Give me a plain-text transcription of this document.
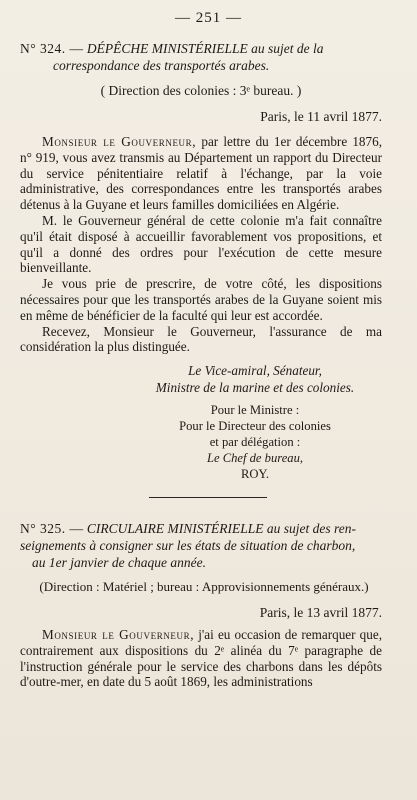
— 251 —
N° 324. — DÉPÊCHE MINISTÉRIELLE au sujet de la
correspondance des transportés arabes.
( Direction des colonies : 3ᵉ bureau. )
Paris, le 11 avril 1877.

Monsieur le Gouverneur, par lettre du 1er décembre 1876, n° 919, vous avez transmis au Département un rapport du Directeur du service pénitentiaire relatif à l'échange, par la voie administrative, des correspondances entre les transportés arabes détenus à la Guyane et leurs familles domiciliées en Algérie.

M. le Gouverneur général de cette colonie m'a fait connaître qu'il était disposé à accueillir favorablement vos propositions, et qu'il a donné des ordres pour l'exécution de cette mesure bienveillante.

Je vous prie de prescrire, de votre côté, les dispositions nécessaires pour que les transportés arabes de la Guyane soient mis en même de bénéficier de la faculté qui leur est accordée.

Recevez, Monsieur le Gouverneur, l'assurance de ma considération la plus distinguée.

Le Vice-amiral, Sénateur,
Ministre de la marine et des colonies.
Pour le Ministre :
Pour le Directeur des colonies
et par délégation :
Le Chef de bureau,
ROY.
N° 325. — CIRCULAIRE MINISTÉRIELLE au sujet des ren-
seignements à consigner sur les états de situation de charbon,
au 1er janvier de chaque année.
(Direction : Matériel ; bureau : Approvisionnements généraux.)
Paris, le 13 avril 1877.

Monsieur le Gouverneur, j'ai eu occasion de remarquer que, contrairement aux dispositions du 2ᵉ alinéa du 7ᵉ paragraphe de l'instruction générale pour le service des charbons dans les dépôts d'outre-mer, en date du 5 août 1869, les administrations
